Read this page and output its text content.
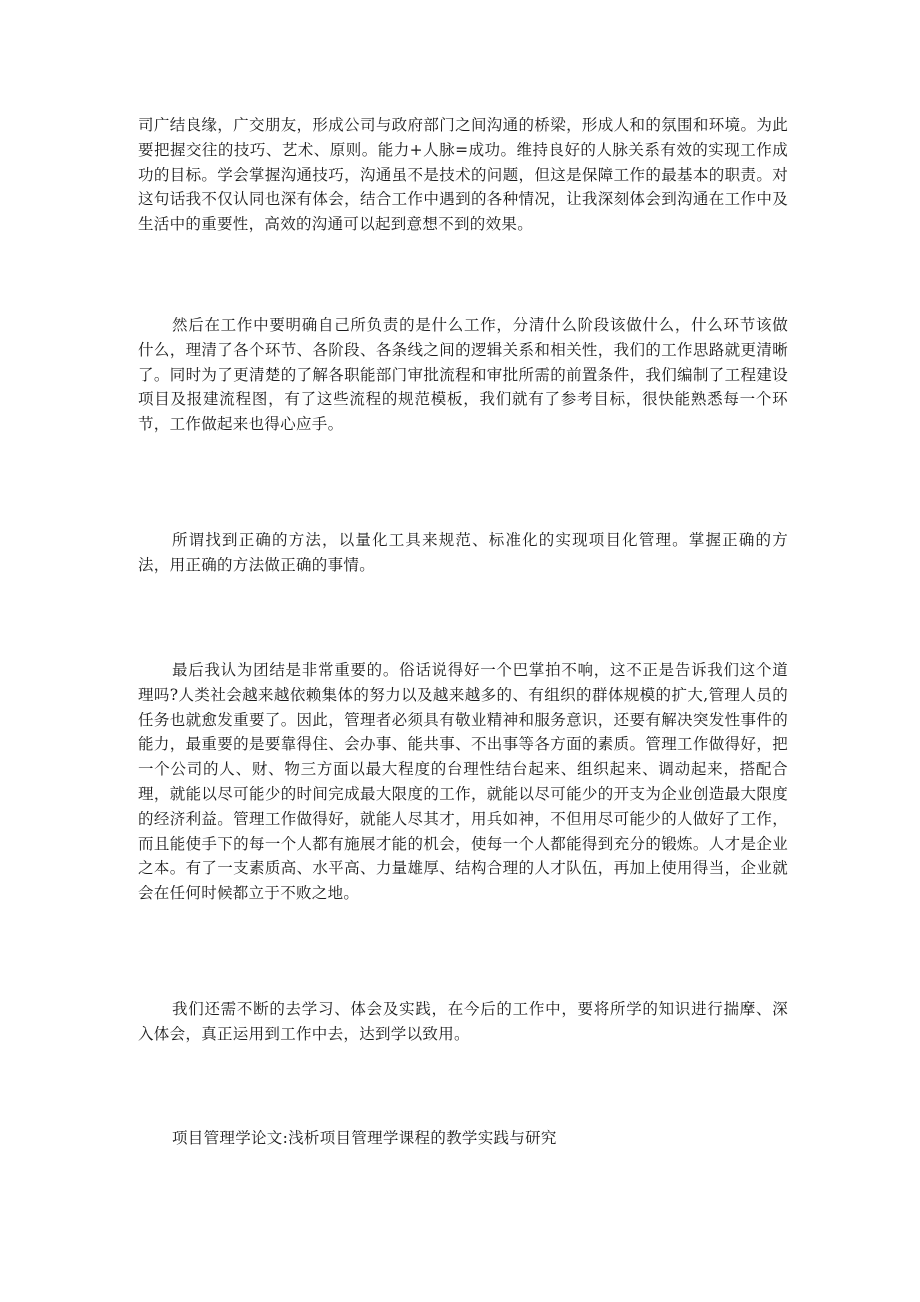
司广结良缘，广交朋友，形成公司与政府部门之间沟通的桥梁，形成人和的氛围和环境。为此要把握交往的技巧、艺术、原则。能力+人脉=成功。维持良好的人脉关系有效的实现工作成功的目标。学会掌握沟通技巧，沟通虽不是技术的问题，但这是保障工作的最基本的职责。对这句话我不仅认同也深有体会，结合工作中遇到的各种情况，让我深刻体会到沟通在工作中及生活中的重要性，高效的沟通可以起到意想不到的效果。

然后在工作中要明确自己所负责的是什么工作，分清什么阶段该做什么，什么环节该做什么，理清了各个环节、各阶段、各条线之间的逻辑关系和相关性，我们的工作思路就更清晰了。同时为了更清楚的了解各职能部门审批流程和审批所需的前置条件，我们编制了工程建设项目及报建流程图，有了这些流程的规范模板，我们就有了参考目标，很快能熟悉每一个环节，工作做起来也得心应手。

所谓找到正确的方法，以量化工具来规范、标准化的实现项目化管理。掌握正确的方法，用正确的方法做正确的事情。

最后我认为团结是非常重要的。俗话说得好一个巴掌拍不响，这不正是告诉我们这个道理吗?人类社会越来越依赖集体的努力以及越来越多的、有组织的群体规模的扩大,管理人员的任务也就愈发重要了。因此，管理者必须具有敬业精神和服务意识，还要有解决突发性事件的能力，最重要的是要靠得住、会办事、能共事、不出事等各方面的素质。管理工作做得好，把一个公司的人、财、物三方面以最大程度的台理性结台起来、组织起来、调动起来，搭配合理，就能以尽可能少的时间完成最大限度的工作，就能以尽可能少的开支为企业创造最大限度的经济利益。管理工作做得好，就能人尽其才，用兵如神，不但用尽可能少的人做好了工作，而且能使手下的每一个人都有施展才能的机会，使每一个人都能得到充分的锻炼。人才是企业之本。有了一支素质高、水平高、力量雄厚、结构合理的人才队伍，再加上使用得当，企业就会在任何时候都立于不败之地。

我们还需不断的去学习、体会及实践，在今后的工作中，要将所学的知识进行揣摩、深入体会，真正运用到工作中去，达到学以致用。

项目管理学论文:浅析项目管理学课程的教学实践与研究
